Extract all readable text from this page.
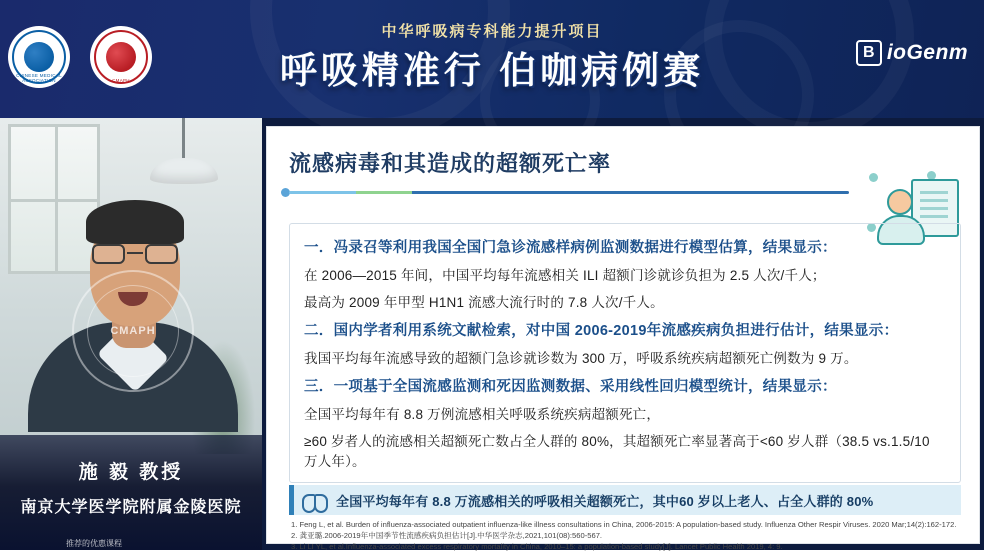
CHINESE MEDICAL ASSOCIATION	CMAPH
中华呼吸病专科能力提升项目
呼吸精准行 伯咖病例赛	B ioGenm
CMAPH
施 毅 教授
南京大学医学院附属金陵医院
推荐的优惠课程
流感病毒和其造成的超额死亡率
一．冯录召等利用我国全国门急诊流感样病例监测数据进行模型估算，结果显示：
在 2006—2015 年间，中国平均每年流感相关 ILI 超额门诊就诊负担为 2.5 人次/千人；
最高为 2009 年甲型 H1N1 流感大流行时的 7.8 人次/千人。
二．国内学者利用系统文献检索，对中国 2006-2019年流感疾病负担进行估计，结果显示：
我国平均每年流感导致的超额门急诊就诊数为 300 万，呼吸系统疾病超额死亡例数为 9 万。
三．一项基于全国流感监测和死因监测数据、采用线性回归模型统计，结果显示：
全国平均每年有 8.8 万例流感相关呼吸系统疾病超额死亡，
≥60 岁者人的流感相关超额死亡数占全人群的 80%，其超额死亡率显著高于<60 岁人群（38.5 vs.1.5/10 万人年）。
全国平均每年有 8.8 万流感相关的呼吸相关超额死亡，其中60 岁以上老人、占全人群的 80%
1. Feng L, et al. Burden of influenza-associated outpatient influenza-like illness consultations in China, 2006-2015: A population-based study. Influenza Other Respir Viruses. 2020 Mar;14(2):162-172.
2. 龚亚璐.2006-2019年中国季节性流感疾病负担估计[J].中华医学杂志,2021,101(08):560-567.
3. Li LI YL, et al.Influenza-associated excess respiratory mortality in China, 2010–15: a population-based study[J]. Lancet Public Health 2019, 4: 9.
